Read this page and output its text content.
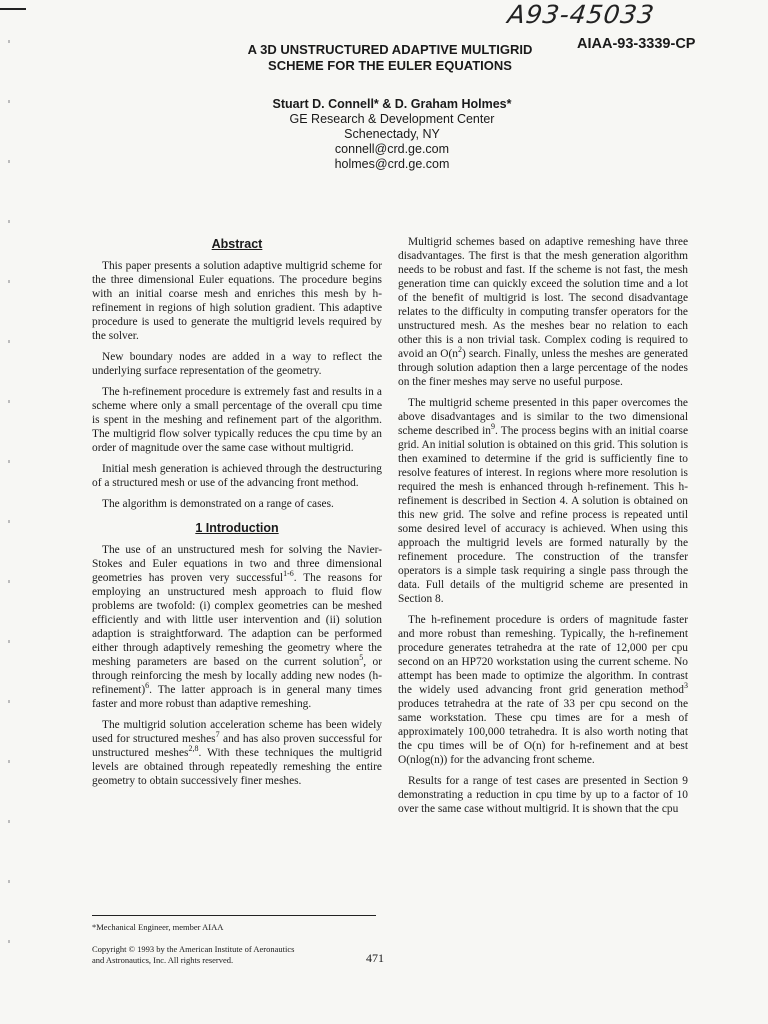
A93-45033
AIAA-93-3339-CP
A 3D UNSTRUCTURED ADAPTIVE MULTIGRID
SCHEME FOR THE EULER EQUATIONS
Stuart D. Connell* & D. Graham Holmes*
GE Research & Development Center
Schenectady, NY
connell@crd.ge.com
holmes@crd.ge.com
Abstract

This paper presents a solution adaptive multigrid scheme for the three dimensional Euler equations. The procedure begins with an initial coarse mesh and enriches this mesh by h-refinement in regions of high solution gradient. This adaptive procedure is used to generate the multigrid levels required by the solver.

New boundary nodes are added in a way to reflect the underlying surface representation of the geometry.

The h-refinement procedure is extremely fast and results in a scheme where only a small percentage of the overall cpu time is spent in the meshing and refinement part of the algorithm. The multigrid flow solver typically reduces the cpu time by an order of magnitude over the same case without multigrid.

Initial mesh generation is achieved through the destructuring of a structured mesh or use of the advancing front method.

The algorithm is demonstrated on a range of cases.

1 Introduction

The use of an unstructured mesh for solving the Navier-Stokes and Euler equations in two and three dimensional geometries has proven very successful$^{1-6}$. The reasons for employing an unstructured mesh approach to fluid flow problems are twofold: (i) complex geometries can be meshed efficiently and with little user intervention and (ii) solution adaption is straightforward. The adaption can be performed either through adaptively remeshing the geometry where the meshing parameters are based on the current solution$^5$, or through reinforcing the mesh by locally adding new nodes (h-refinement)$^6$. The latter approach is in general many times faster and more robust than adaptive remeshing.

The multigrid solution acceleration scheme has been widely used for structured meshes$^7$ and has also proven successful for unstructured meshes$^{2,8}$. With these techniques the multigrid levels are obtained through repeatedly remeshing the entire geometry to obtain successively finer meshes.

Multigrid schemes based on adaptive remeshing have three disadvantages. The first is that the mesh generation algorithm needs to be robust and fast. If the scheme is not fast, the mesh generation time can quickly exceed the solution time and a lot of the benefit of multigrid is lost. The second disadvantage relates to the difficulty in computing transfer operators for the unstructured mesh. As the meshes bear no relation to each other this is a non trivial task. Complex coding is required to avoid an $O(n^2)$ search. Finally, unless the meshes are generated through solution adaption then a large percentage of the nodes on the finer meshes may serve no useful purpose.

The multigrid scheme presented in this paper overcomes the above disadvantages and is similar to the two dimensional scheme described $in^9$. The process begins with an initial coarse grid. An initial solution is obtained on this grid. This solution is then examined to determine if the grid is sufficiently fine to resolve features of interest. In regions where more resolution is required the mesh is enhanced through h-refinement. This h-refinement is described in Section 4. A solution is obtained on this new grid. The solve and refine process is repeated until some desired level of accuracy is achieved. When using this approach the multigrid levels are formed naturally by the refinement procedure. The construction of the transfer operators is a simple task requiring a single pass through the data. Full details of the multigrid scheme are presented in Section 8.

The h-refinement procedure is orders of magnitude faster and more robust than remeshing. Typically, the h-refinement procedure generates tetrahedra at the rate of 12,000 per cpu second on an HP720 workstation using the current scheme. No attempt has been made to optimize the algorithm. In contrast the widely used advancing front grid generation method$^3$ produces tetrahedra at the rate of 33 per cpu second on the same workstation. These cpu times are for a mesh of approximately 100,000 tetrahedra. It is also worth noting that the cpu times will be of O(n) for h-refinement and at best O(nlog(n)) for the advancing front scheme.

Results for a range of test cases are presented in Section 9 demonstrating a reduction in cpu time by up to a factor of 10 over the same case without multigrid. It is shown that the cpu

*Mechanical Engineer, member AIAA
Copyright © 1993 by the American Institute of Aeronautics
and Astronautics, Inc. All rights reserved.	471
